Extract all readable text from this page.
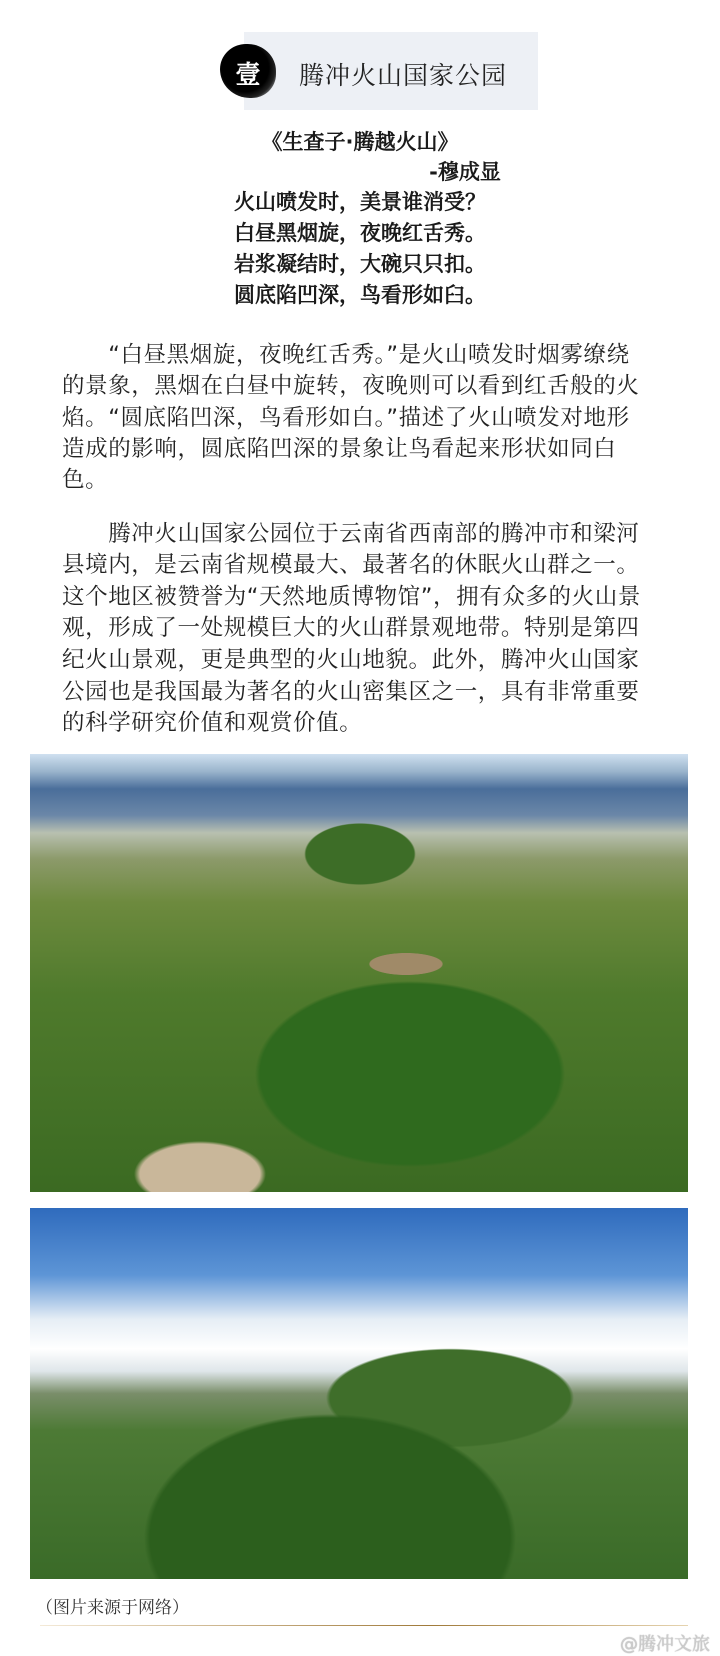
壹	腾冲火山国家公园
《生查子·腾越火山》
-穆成显
火山喷发时，美景谁消受？
白昼黑烟旋，夜晚红舌秀。
岩浆凝结时，大碗只只扣。
圆底陷凹深，鸟看形如臼。
　　“白昼黑烟旋，夜晚红舌秀。”是火山喷发时烟雾缭绕
的景象，黑烟在白昼中旋转，夜晚则可以看到红舌般的火
焰。“圆底陷凹深，鸟看形如白。”描述了火山喷发对地形
造成的影响，圆底陷凹深的景象让鸟看起来形状如同白
色。
　　腾冲火山国家公园位于云南省西南部的腾冲市和梁河
县境内，是云南省规模最大、最著名的休眠火山群之一。
这个地区被赞誉为“天然地质博物馆”，拥有众多的火山景
观，形成了一处规模巨大的火山群景观地带。特别是第四
纪火山景观，更是典型的火山地貌。此外，腾冲火山国家
公园也是我国最为著名的火山密集区之一，具有非常重要
的科学研究价值和观赏价值。
（图片来源于网络）
@腾冲文旅
